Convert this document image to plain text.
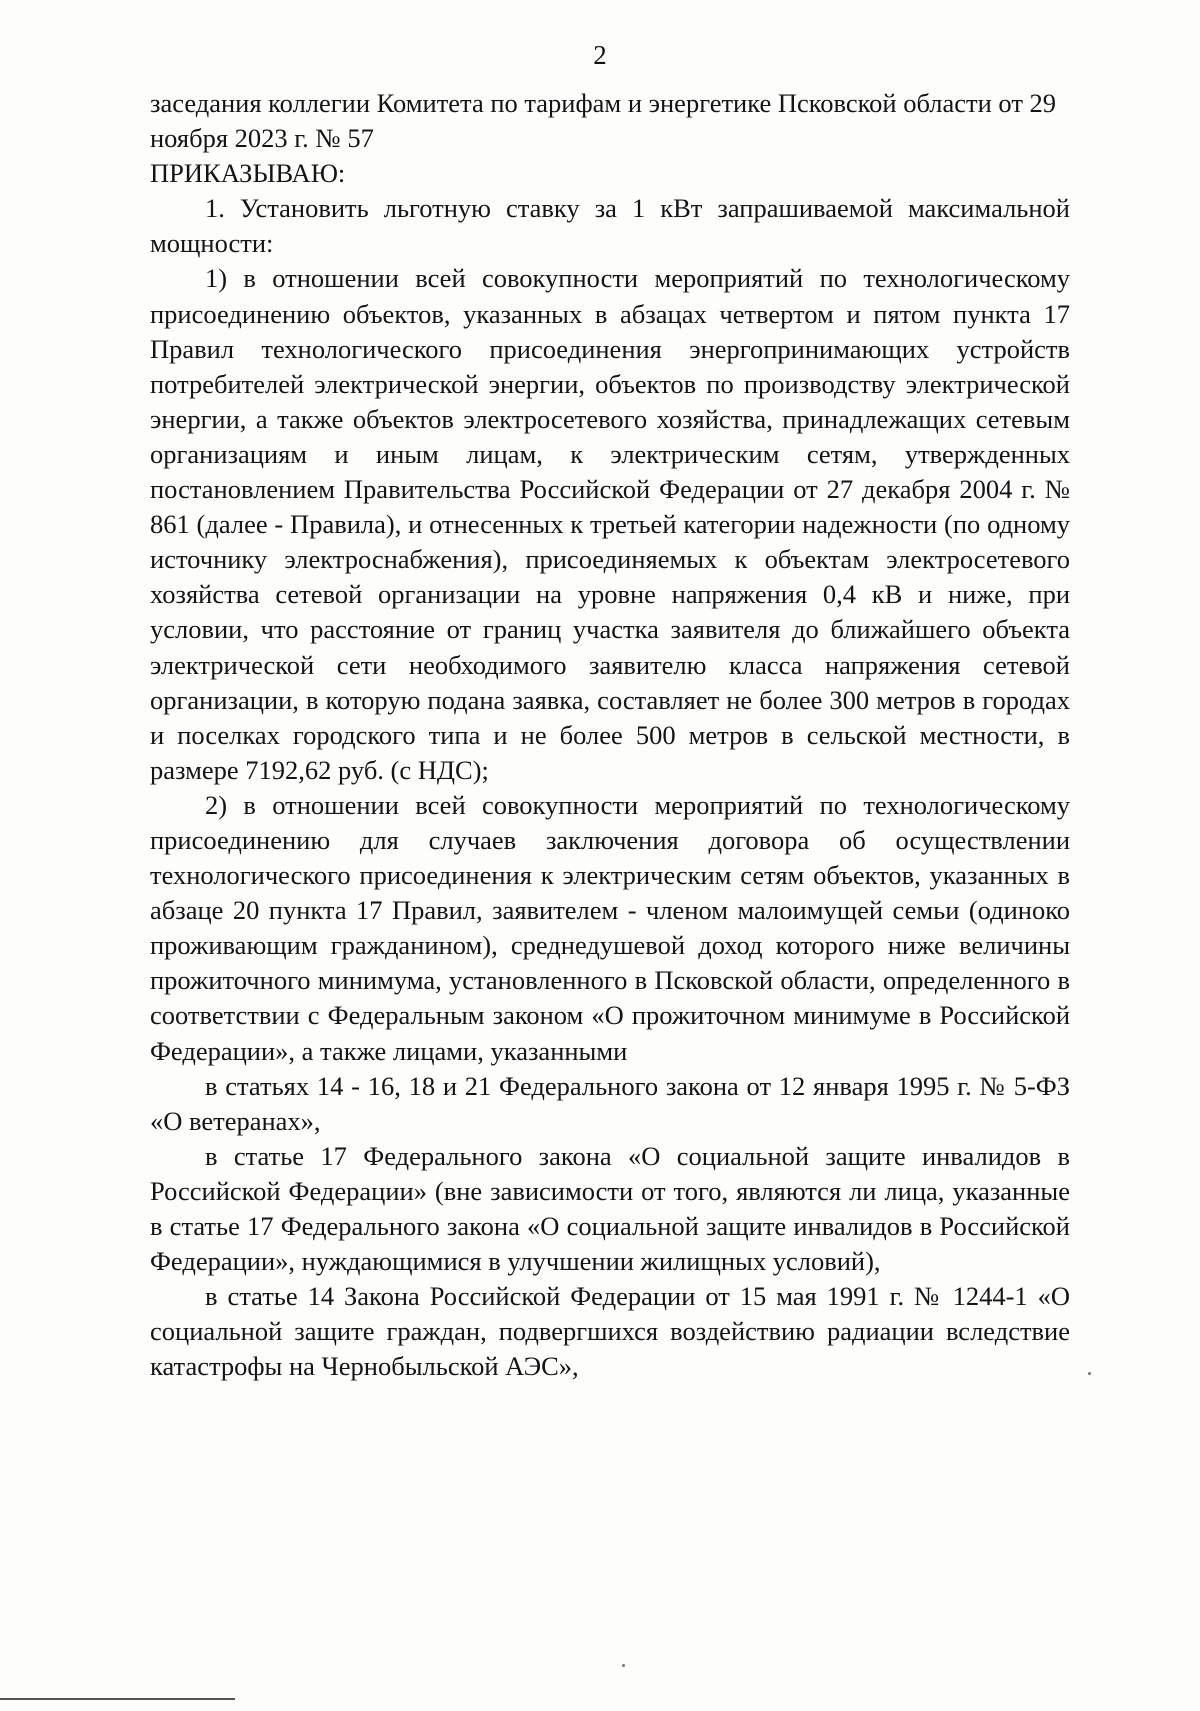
2

заседания коллегии Комитета по тарифам и энергетике Псковской области от 29 ноября 2023 г. № 57

ПРИКАЗЫВАЮ:

1. Установить льготную ставку за 1 кВт запрашиваемой максимальной мощности:

1) в отношении всей совокупности мероприятий по технологическому присоединению объектов, указанных в абзацах четвертом и пятом пункта 17 Правил технологического присоединения энергопринимающих устройств потребителей электрической энергии, объектов по производству электрической энергии, а также объектов электросетевого хозяйства, принадлежащих сетевым организациям и иным лицам, к электрическим сетям, утвержденных постановлением Правительства Российской Федерации от 27 декабря 2004 г. № 861 (далее - Правила), и отнесенных к третьей категории надежности (по одному источнику электроснабжения), присоединяемых к объектам электросетевого хозяйства сетевой организации на уровне напряжения 0,4 кВ и ниже, при условии, что расстояние от границ участка заявителя до ближайшего объекта электрической сети необходимого заявителю класса напряжения сетевой организации, в которую подана заявка, составляет не более 300 метров в городах и поселках городского типа и не более 500 метров в сельской местности, в размере 7192,62 руб. (с НДС);

2) в отношении всей совокупности мероприятий по технологическому присоединению для случаев заключения договора об осуществлении технологического присоединения к электрическим сетям объектов, указанных в абзаце 20 пункта 17 Правил, заявителем - членом малоимущей семьи (одиноко проживающим гражданином), среднедушевой доход которого ниже величины прожиточного минимума, установленного в Псковской области, определенного в соответствии с Федеральным законом «О прожиточном минимуме в Российской Федерации», а также лицами, указанными

в статьях 14 - 16, 18 и 21 Федерального закона от 12 января 1995 г. № 5-ФЗ «О ветеранах»,

в статье 17 Федерального закона «О социальной защите инвалидов в Российской Федерации» (вне зависимости от того, являются ли лица, указанные в статье 17 Федерального закона «О социальной защите инвалидов в Российской Федерации», нуждающимися в улучшении жилищных условий),

в статье 14 Закона Российской Федерации от 15 мая 1991 г. № 1244-1 «О социальной защите граждан, подвергшихся воздействию радиации вследствие катастрофы на Чернобыльской АЭС»,
